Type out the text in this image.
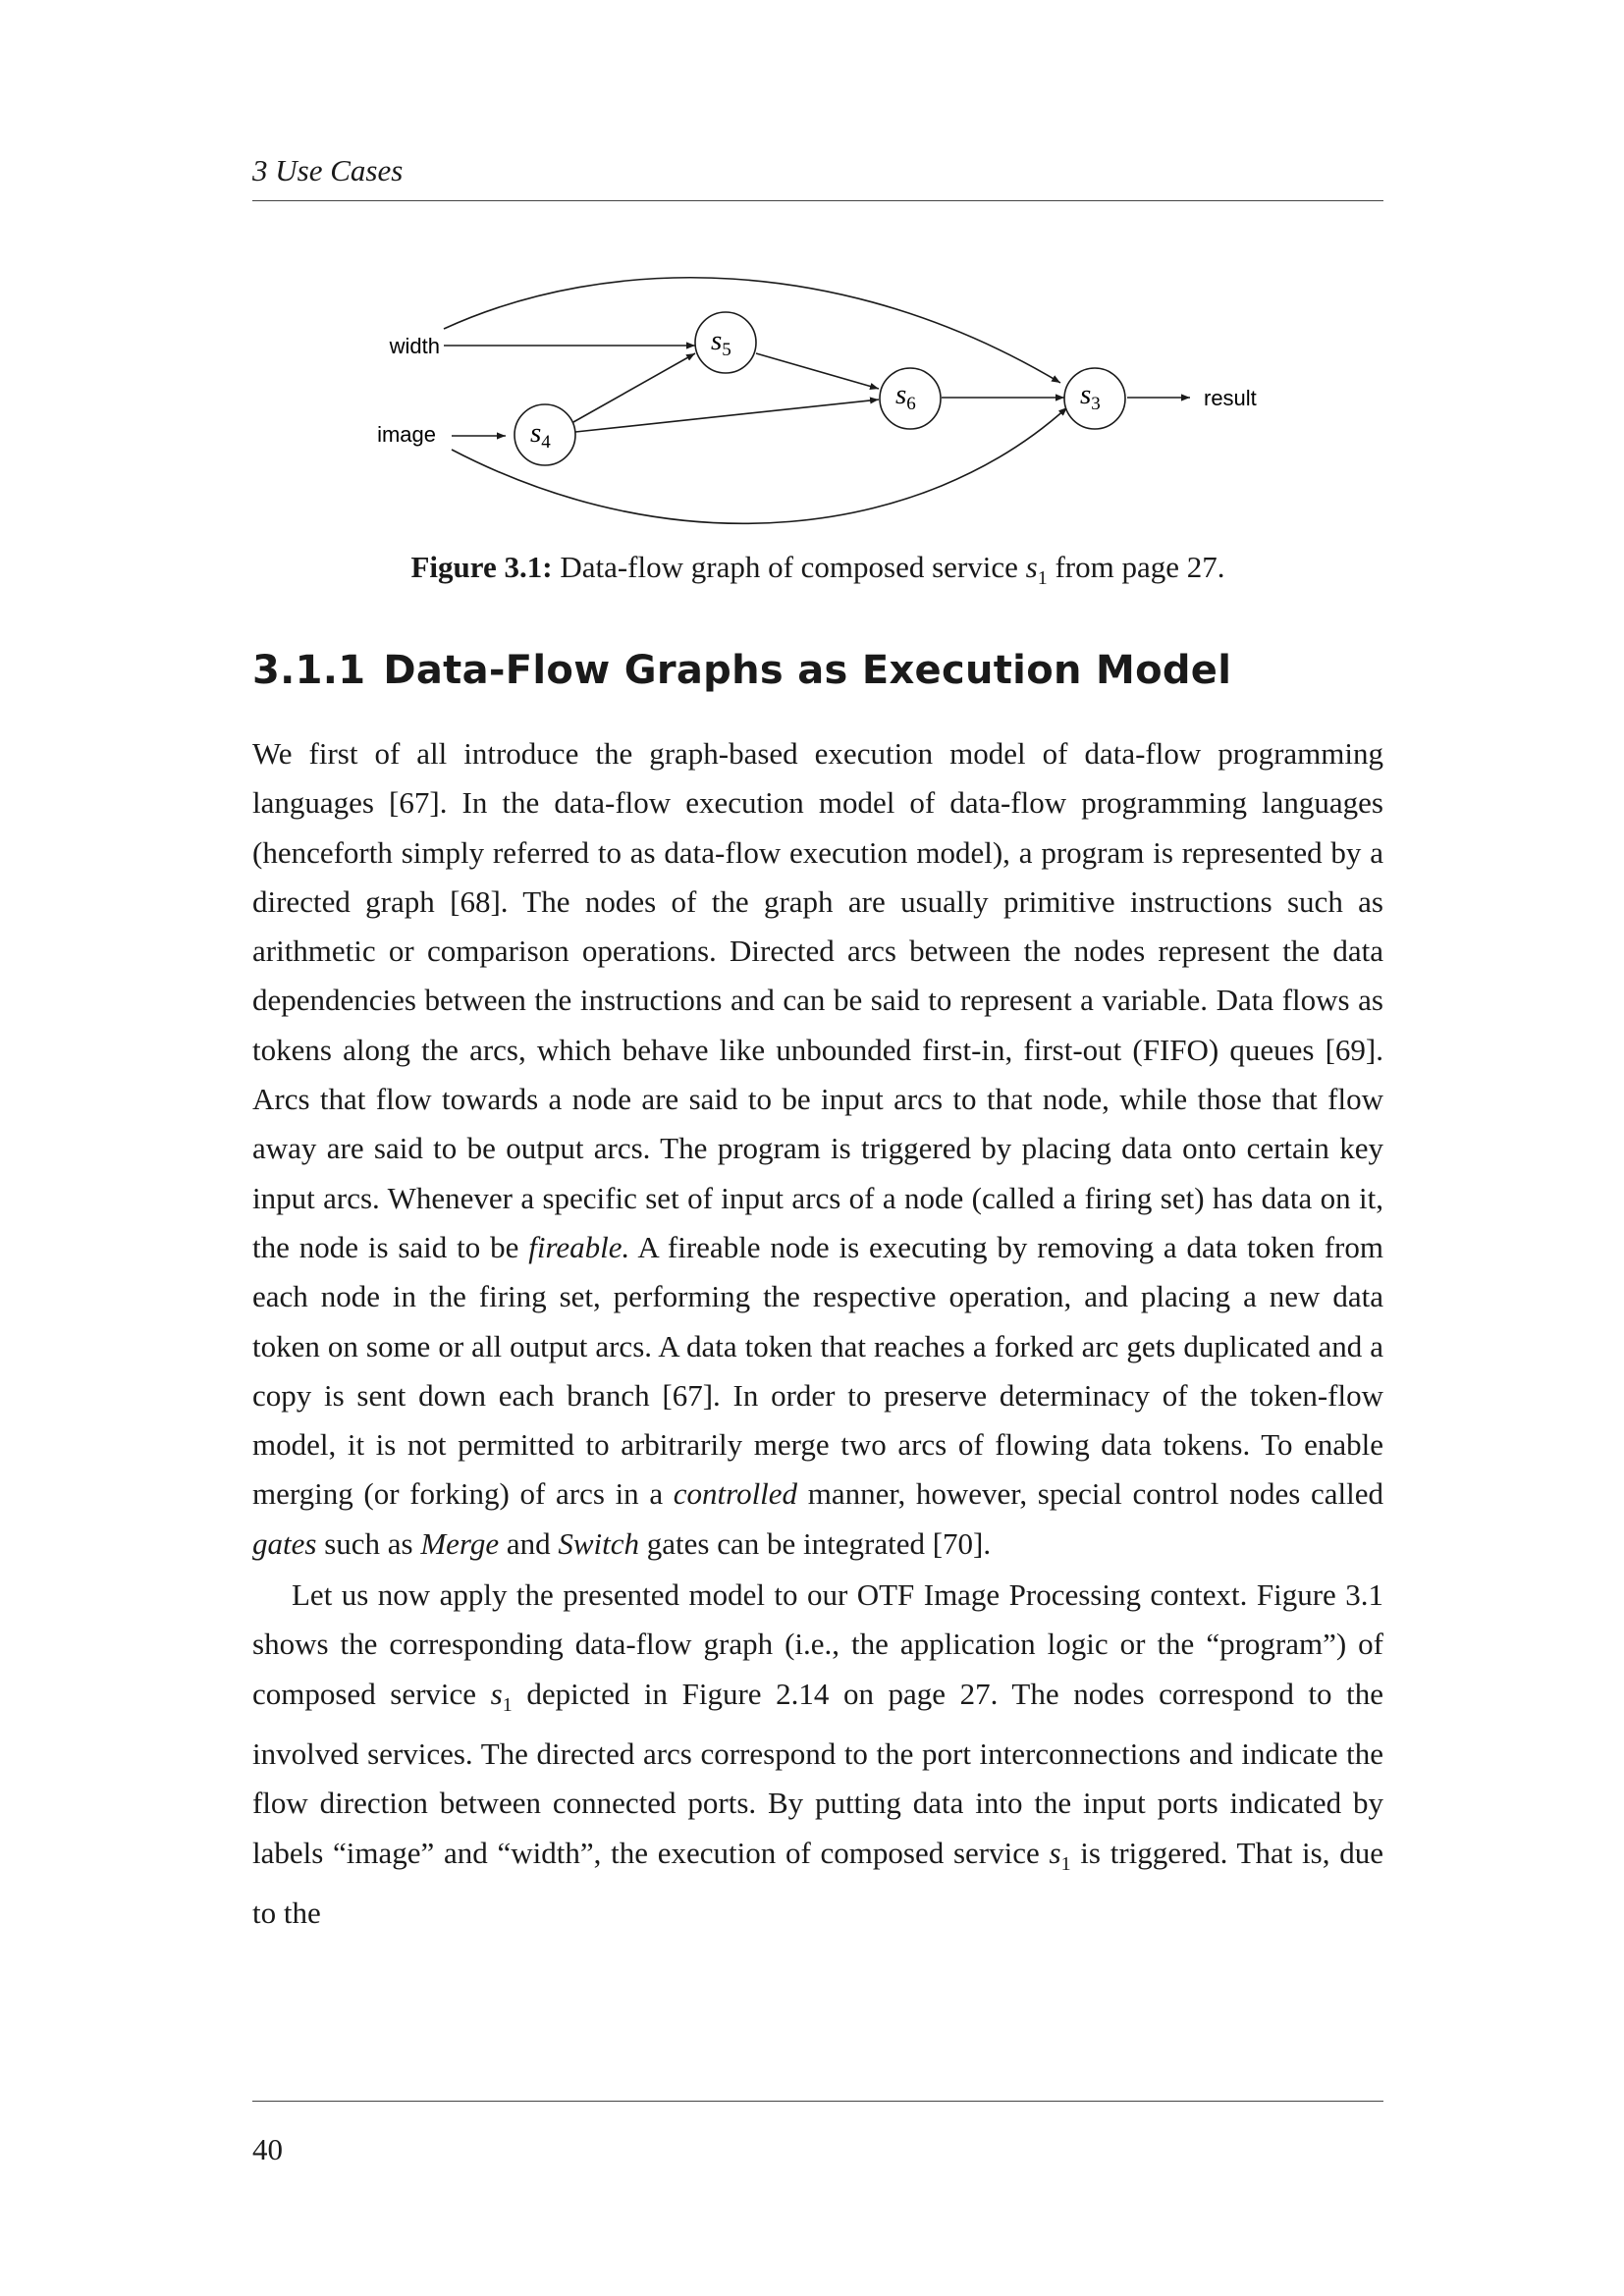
3 Use Cases
width
image
result
$s_5$
$s_4$
$s_6$	$s_3$
Figure 3.1: Data-flow graph of composed service $s_1$ from page 27.
3.1.1 Data-Flow Graphs as Execution Model

We first of all introduce the graph-based execution model of data-flow programming languages [67]. In the data-flow execution model of data-flow programming languages (henceforth simply referred to as data-flow execution model), a program is represented by a directed graph [68]. The nodes of the graph are usually primitive instructions such as arithmetic or comparison operations. Directed arcs between the nodes represent the data dependencies between the instructions and can be said to represent a variable. Data flows as tokens along the arcs, which behave like unbounded first-in, first-out (FIFO) queues [69]. Arcs that flow towards a node are said to be input arcs to that node, while those that flow away are said to be output arcs. The program is triggered by placing data onto certain key input arcs. Whenever a specific set of input arcs of a node (called a firing set) has data on it, the node is said to be fireable. A fireable node is executing by removing a data token from each node in the firing set, performing the respective operation, and placing a new data token on some or all output arcs. A data token that reaches a forked arc gets duplicated and a copy is sent down each branch [67]. In order to preserve determinacy of the token-flow model, it is not permitted to arbitrarily merge two arcs of flowing data tokens. To enable merging (or forking) of arcs in a controlled manner, however, special control nodes called gates such as Merge and Switch gates can be integrated [70].

Let us now apply the presented model to our OTF Image Processing context. Figure 3.1 shows the corresponding data-flow graph (i.e., the application logic or the “program”) of composed service $s_1$ depicted in Figure 2.14 on page 27. The nodes correspond to the involved services. The directed arcs correspond to the port interconnections and indicate the flow direction between connected ports. By putting data into the input ports indicated by labels “image” and “width”, the execution of composed service $s_1$ is triggered. That is, due to the

40
